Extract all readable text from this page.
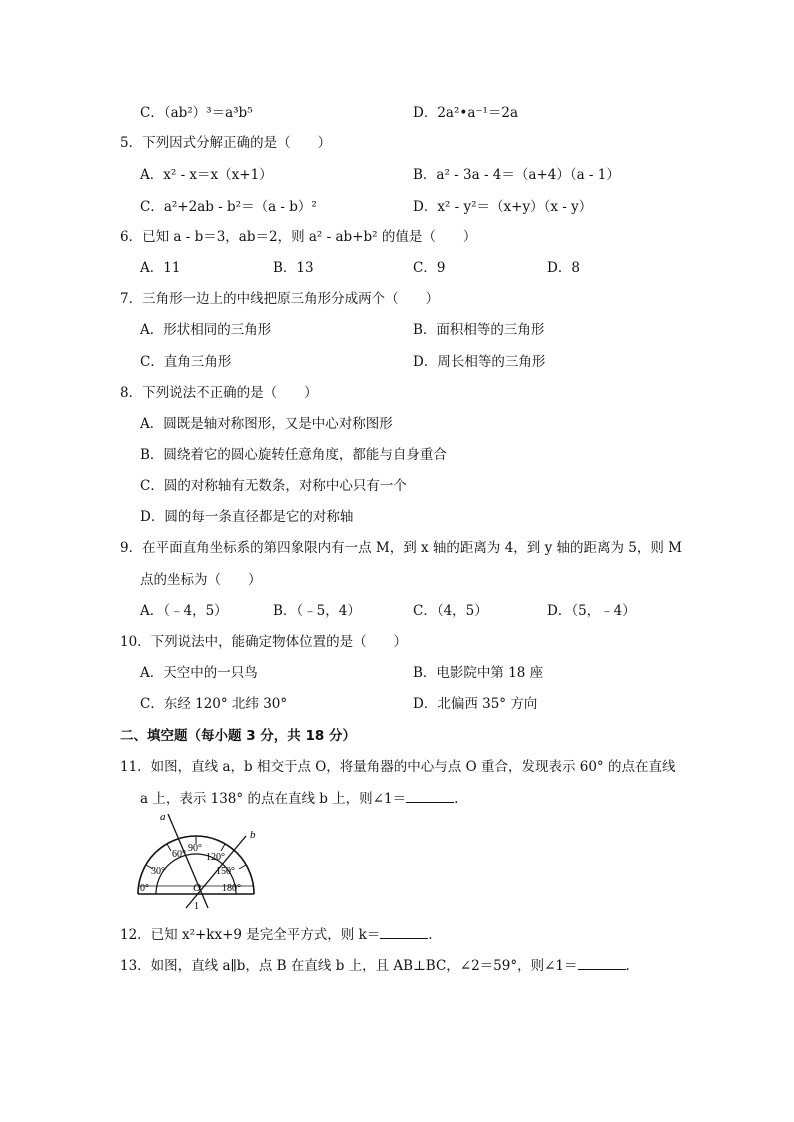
C．（ab²）³＝a³b⁵	D．2a²•a⁻¹＝2a
5．下列因式分解正确的是（　　）
A．x² - x＝x（x+1）	B．a² - 3a - 4＝（a+4）（a - 1）
C．a²+2ab - b²＝（a - b）²	D．x² - y²＝（x+y）（x - y）
6．已知 a - b＝3，ab＝2，则 a² - ab+b² 的值是（　　）
A．11	B．13	C．9	D．8
7．三角形一边上的中线把原三角形分成两个（　　）
A．形状相同的三角形	B．面积相等的三角形
C．直角三角形	D．周长相等的三角形
8．下列说法不正确的是（　　）
A．圆既是轴对称图形，又是中心对称图形
B．圆绕着它的圆心旋转任意角度，都能与自身重合
C．圆的对称轴有无数条，对称中心只有一个
D．圆的每一条直径都是它的对称轴
9．在平面直角坐标系的第四象限内有一点 M，到 x 轴的距离为 4，到 y 轴的距离为 5，则 M
点的坐标为（　　）
A．（﹣4，5）	B．（﹣5，4）	C．（4，5）	D．（5，﹣4）
10．下列说法中，能确定物体位置的是（　　）
A．天空中的一只鸟	B．电影院中第 18 座
C．东经 120° 北纬 30°	D．北偏西 35° 方向
二、填空题（每小题 3 分，共 18 分）
11．如图，直线 a，b 相交于点 O，将量角器的中心与点 O 重合，发现表示 60° 的点在直线
a 上，表示 138° 的点在直线 b 上，则∠1＝	.
a
b
O
1
0°
30°
60°
90°
120°
150°
180°
12．已知 x²+kx+9 是完全平方式，则 k＝	.
13．如图，直线 a∥b，点 B 在直线 b 上，且 AB⊥BC，∠2＝59°，则∠1＝	.
